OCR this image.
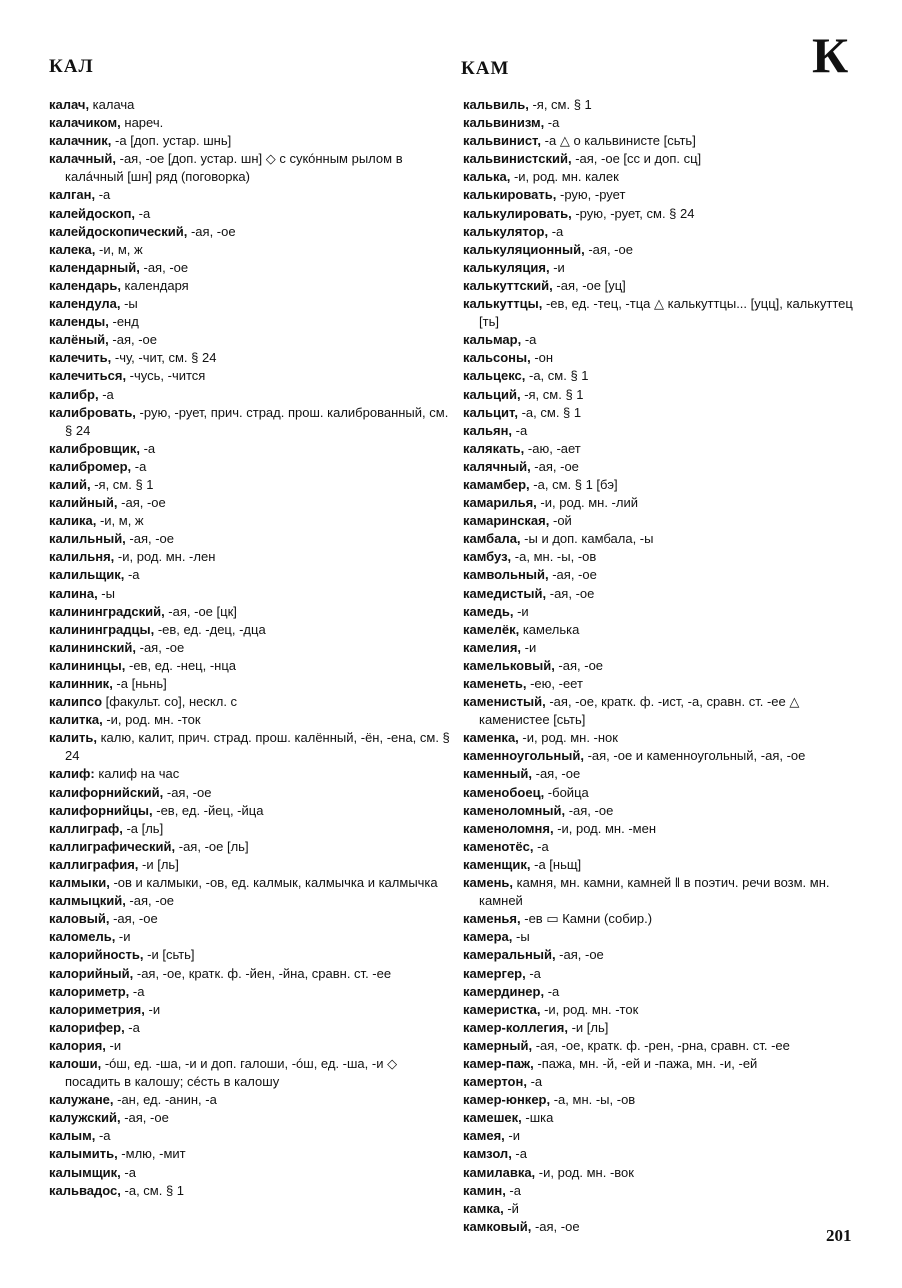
КАЛ	КАМ	К
калач, калача
калачиком, нареч.
калачник, -а [доп. устар. шнь]
калачный, -ая, -ое [доп. устар. шн] ◇ с сукóнным рылом в калáчный [шн] ряд (поговорка)
калган, -а
калейдоскоп, -а
калейдоскопический, -ая, -ое
калека, -и, м, ж
календарный, -ая, -ое
календарь, календаря
календула, -ы
календы, -енд
калёный, -ая, -ое
калечить, -чу, -чит, см. § 24
калечиться, -чусь, -чится
калибр, -а
калибровать, -рую, -рует, прич. страд. прош. калиброванный, см. § 24
калибровщик, -а
калибромер, -а
калий, -я, см. § 1
калийный, -ая, -ое
калика, -и, м, ж
калильный, -ая, -ое
калильня, -и, род. мн. -лен
калильщик, -а
калина, -ы
калининградский, -ая, -ое [цк]
калининградцы, -ев, ед. -дец, -дца
калининский, -ая, -ое
калининцы, -ев, ед. -нец, -нца
калинник, -а [ньнь]
калипсо [факульт. со], нескл. с
калитка, -и, род. мн. -ток
калить, калю, калит, прич. страд. прош. калённый, -ён, -ена, см. § 24
калиф: калиф на час
калифорнийский, -ая, -ое
калифорнийцы, -ев, ед. -йец, -йца
каллиграф, -а [ль]
каллиграфический, -ая, -ое [ль]
каллиграфия, -и [ль]
калмыки, -ов и калмыки, -ов, ед. калмык, калмычка и калмычка
калмыцкий, -ая, -ое
каловый, -ая, -ое
каломель, -и
калорийность, -и [сьть]
калорийный, -ая, -ое, кратк. ф. -йен, -йна, сравн. ст. -ее
калориметр, -а
калориметрия, -и
калорифер, -а
калория, -и
калоши, -óш, ед. -ша, -и и доп. галоши, -óш, ед. -ша, -и ◇ посадить в калошу; сéсть в калошу
калужане, -ан, ед. -анин, -а
калужский, -ая, -ое
калым, -а
калымить, -млю, -мит
калымщик, -а
кальвадос, -а, см. § 1
кальвиль, -я, см. § 1
кальвинизм, -а
кальвинист, -а △ о кальвинисте [сьть]
кальвинистский, -ая, -ое [сс и доп. сц]
калька, -и, род. мн. калек
калькировать, -рую, -рует
калькулировать, -рую, -рует, см. § 24
калькулятор, -а
калькуляционный, -ая, -ое
калькуляция, -и
калькуттский, -ая, -ое [уц]
калькуттцы, -ев, ед. -тец, -тца △ калькуттцы... [уцц], калькуттец [ть]
кальмар, -а
кальсоны, -он
кальцекс, -а, см. § 1
кальций, -я, см. § 1
кальцит, -а, см. § 1
кальян, -а
калякать, -аю, -ает
калячный, -ая, -ое
камамбер, -а, см. § 1 [бэ]
камарилья, -и, род. мн. -лий
камаринская, -ой
камбала, -ы и доп. камбала, -ы
камбуз, -а, мн. -ы, -ов
камвольный, -ая, -ое
камедистый, -ая, -ое
камедь, -и
камелёк, камелька
камелия, -и
камельковый, -ая, -ое
каменеть, -ею, -еет
каменистый, -ая, -ое, кратк. ф. -ист, -а, сравн. ст. -ее △ каменистее [сьть]
каменка, -и, род. мн. -нок
каменноугольный, -ая, -ое и каменноугольный, -ая, -ое
каменный, -ая, -ое
каменобоец, -бойца
каменоломный, -ая, -ое
каменоломня, -и, род. мн. -мен
каменотёс, -а
каменщик, -а [ньщ]
камень, камня, мн. камни, камней ‖ в поэтич. речи возм. мн. камней
каменья, -ев ▭ Камни (собир.)
камера, -ы
камеральный, -ая, -ое
камергер, -а
камердинер, -а
камеристка, -и, род. мн. -ток
камер-коллегия, -и [ль]
камерный, -ая, -ое, кратк. ф. -рен, -рна, сравн. ст. -ее
камер-паж, -пажа, мн. -й, -ей и -пажа, мн. -и, -ей
камертон, -а
камер-юнкер, -а, мн. -ы, -ов
камешек, -шка
камея, -и
камзол, -а
камилавка, -и, род. мн. -вок
камин, -а
камка, -й
камковый, -ая, -ое	201
